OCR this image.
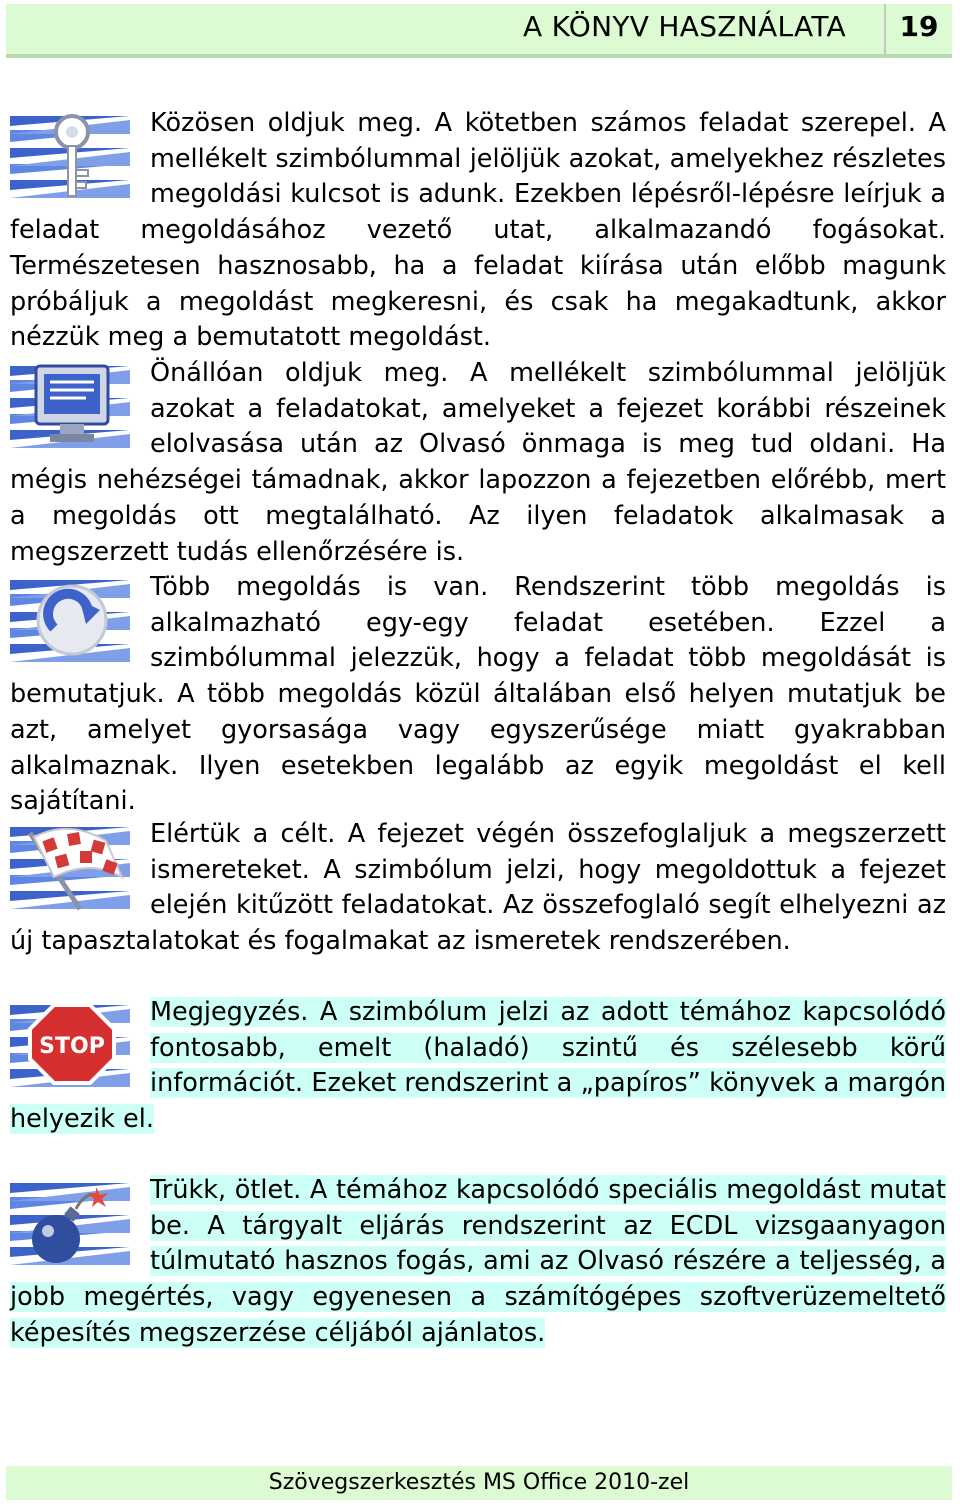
A KÖNYV HASZNÁLATA	19

Közösen oldjuk meg. A kötetben számos feladat szerepel. A mellékelt szimbólummal jelöljük azokat, amelyekhez részletes megoldási kulcsot is adunk. Ezekben lépésről-lépésre leírjuk a feladat megoldásához vezető utat, alkalmazandó fogásokat. Természetesen hasznosabb, ha a feladat kiírása után előbb magunk próbáljuk a megoldást megkeresni, és csak ha megakadtunk, akkor nézzük meg a bemutatott megoldást.

Önállóan oldjuk meg. A mellékelt szimbólummal jelöljük azokat a feladatokat, amelyeket a fejezet korábbi részeinek elolvasása után az Olvasó önmaga is meg tud oldani. Ha mégis nehézségei támadnak, akkor lapozzon a fejezetben előrébb, mert a megoldás ott megtalálható. Az ilyen feladatok alkalmasak a megszerzett tudás ellenőrzésére is.

Több megoldás is van. Rendszerint több megoldás is alkalmazható egy-egy feladat esetében. Ezzel a szimbólummal jelezzük, hogy a feladat több megoldását is bemutatjuk. A több megoldás közül általában első helyen mutatjuk be azt, amelyet gyorsasága vagy egyszerűsége miatt gyakrabban alkalmaznak. Ilyen esetekben legalább az egyik megoldást el kell sajátítani.

Elértük a célt. A fejezet végén összefoglaljuk a megszerzett ismereteket. A szimbólum jelzi, hogy megoldottuk a fejezet elején kitűzött feladatokat. Az összefoglaló segít elhelyezni az új tapasztalatokat és fogalmakat az ismeretek rendszerében.

STOP

Megjegyzés. A szimbólum jelzi az adott témához kapcsolódó fontosabb, emelt (haladó) szintű és szélesebb körű információt. Ezeket rendszerint a „papíros” könyvek a margón helyezik el.

Trükk, ötlet. A témához kapcsolódó speciális megoldást mutat be. A tárgyalt eljárás rendszerint az ECDL vizsgaanyagon túlmutató hasznos fogás, ami az Olvasó részére a teljesség, a jobb megértés, vagy egyenesen a számítógépes szoftverüzemeltető képesítés megszerzése céljából ajánlatos.

Szövegszerkesztés MS Office 2010-zel
